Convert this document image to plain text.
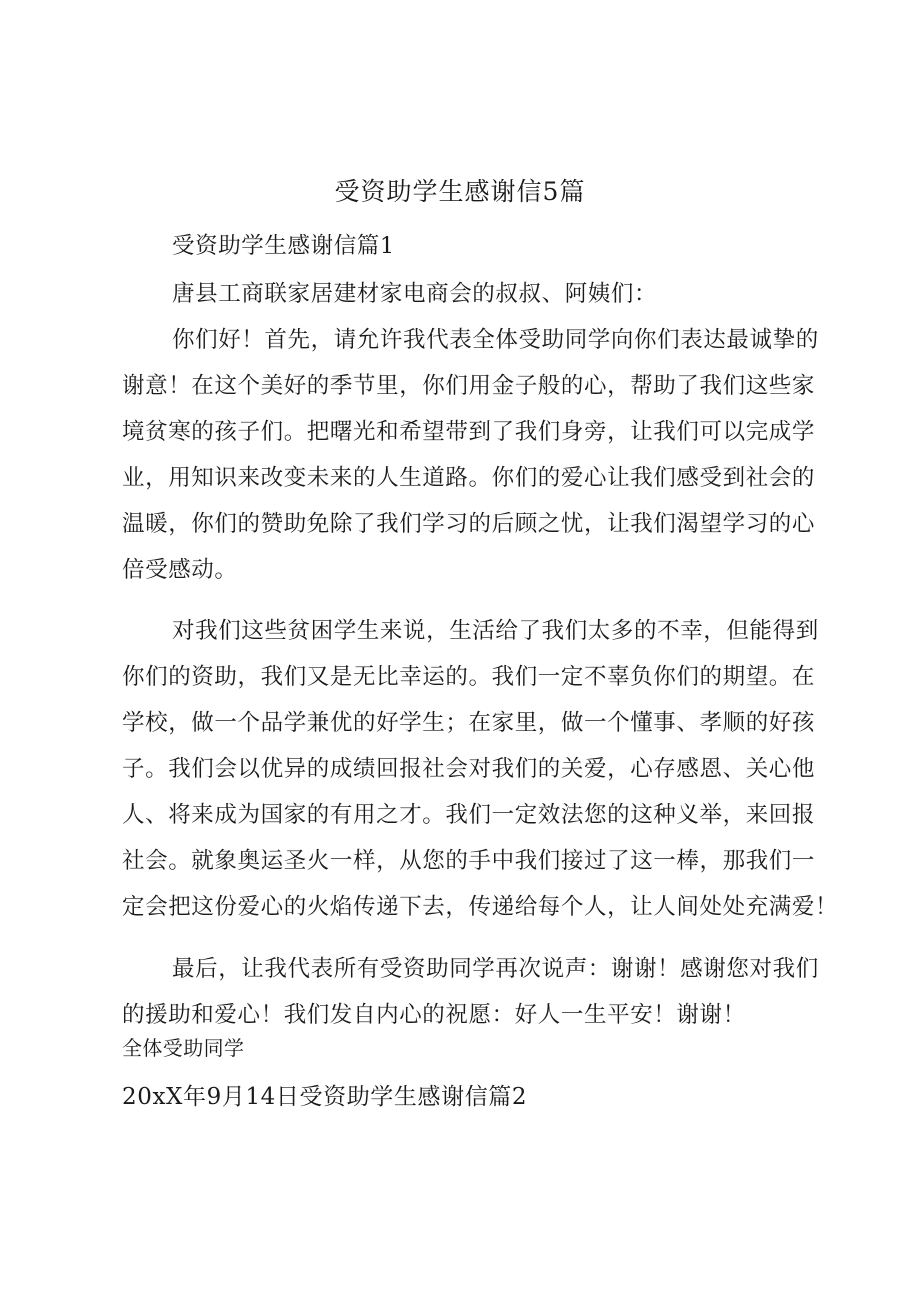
受资助学生感谢信5篇
受资助学生感谢信篇1
唐县工商联家居建材家电商会的叔叔、阿姨们：
你们好！首先，请允许我代表全体受助同学向你们表达最诚挚的
谢意！在这个美好的季节里，你们用金子般的心，帮助了我们这些家
境贫寒的孩子们。把曙光和希望带到了我们身旁，让我们可以完成学
业，用知识来改变未来的人生道路。你们的爱心让我们感受到社会的
温暖，你们的赞助免除了我们学习的后顾之忧，让我们渴望学习的心
倍受感动。
对我们这些贫困学生来说，生活给了我们太多的不幸，但能得到
你们的资助，我们又是无比幸运的。我们一定不辜负你们的期望。在
学校，做一个品学兼优的好学生；在家里，做一个懂事、孝顺的好孩
子。我们会以优异的成绩回报社会对我们的关爱，心存感恩、关心他
人、将来成为国家的有用之才。我们一定效法您的这种义举，来回报
社会。就象奥运圣火一样，从您的手中我们接过了这一棒，那我们一
定会把这份爱心的火焰传递下去，传递给每个人，让人间处处充满爱！
最后，让我代表所有受资助同学再次说声：谢谢！感谢您对我们
的援助和爱心！我们发自内心的祝愿：好人一生平安！谢谢！
全体受助同学
20xX年9月14日受资助学生感谢信篇2
